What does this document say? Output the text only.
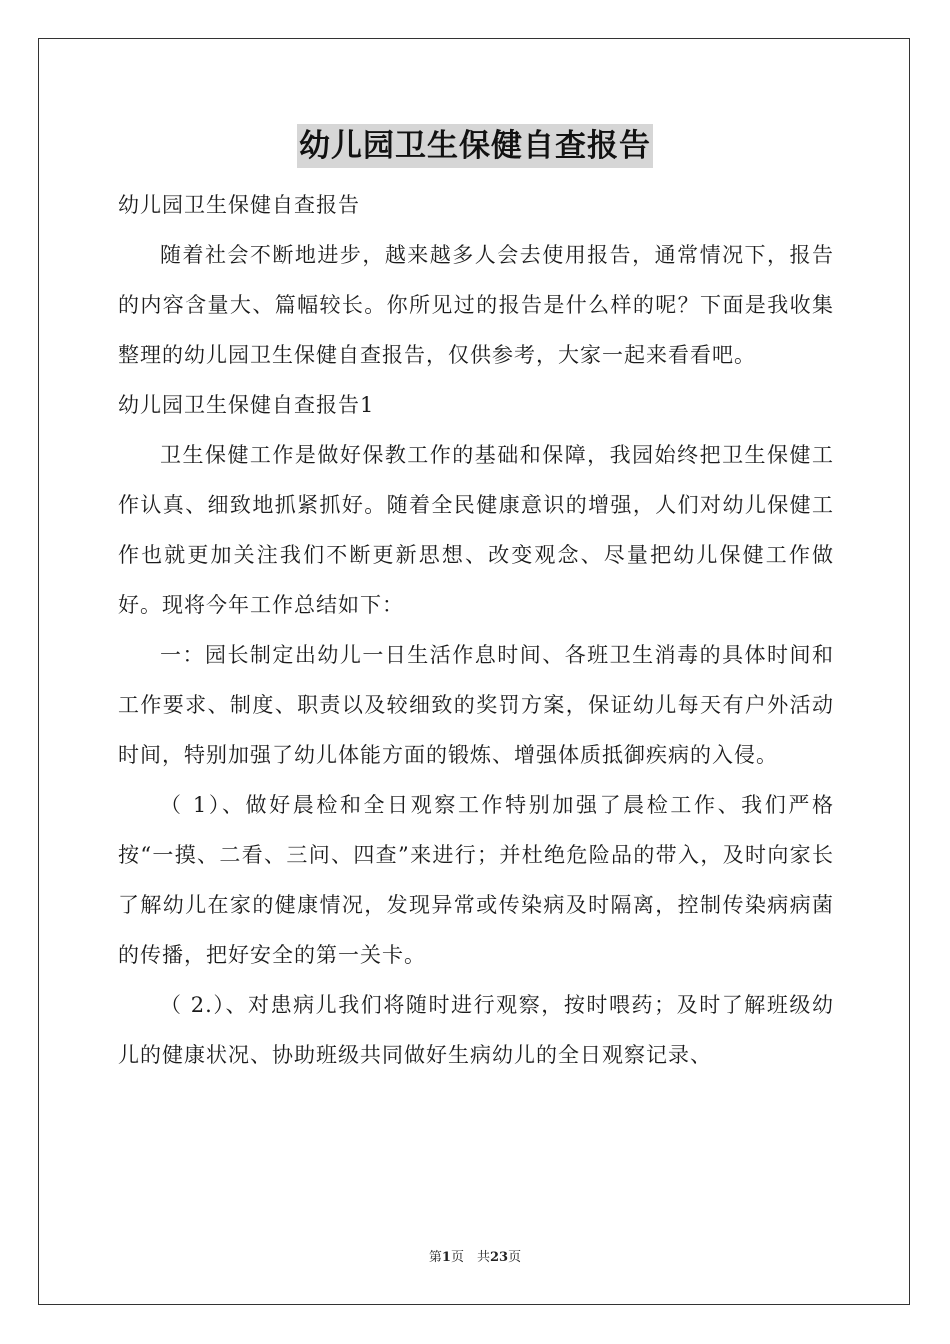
幼儿园卫生保健自查报告

幼儿园卫生保健自查报告

随着社会不断地进步，越来越多人会去使用报告，通常情况下，报告的内容含量大、篇幅较长。你所见过的报告是什么样的呢？下面是我收集整理的幼儿园卫生保健自查报告，仅供参考，大家一起来看看吧。

幼儿园卫生保健自查报告1

卫生保健工作是做好保教工作的基础和保障，我园始终把卫生保健工作认真、细致地抓紧抓好。随着全民健康意识的增强，人们对幼儿保健工作也就更加关注我们不断更新思想、改变观念、尽量把幼儿保健工作做好。现将今年工作总结如下：

一：园长制定出幼儿一日生活作息时间、各班卫生消毒的具体时间和工作要求、制度、职责以及较细致的奖罚方案，保证幼儿每天有户外活动时间，特别加强了幼儿体能方面的锻炼、增强体质抵御疾病的入侵。

（ 1）、做好晨检和全日观察工作特别加强了晨检工作、我们严格按“一摸、二看、三问、四查”来进行；并杜绝危险品的带入，及时向家长了解幼儿在家的健康情况，发现异常或传染病及时隔离，控制传染病病菌的传播，把好安全的第一关卡。

（ 2.）、对患病儿我们将随时进行观察，按时喂药；及时了解班级幼儿的健康状况、协助班级共同做好生病幼儿的全日观察记录、

第1页　共23页
